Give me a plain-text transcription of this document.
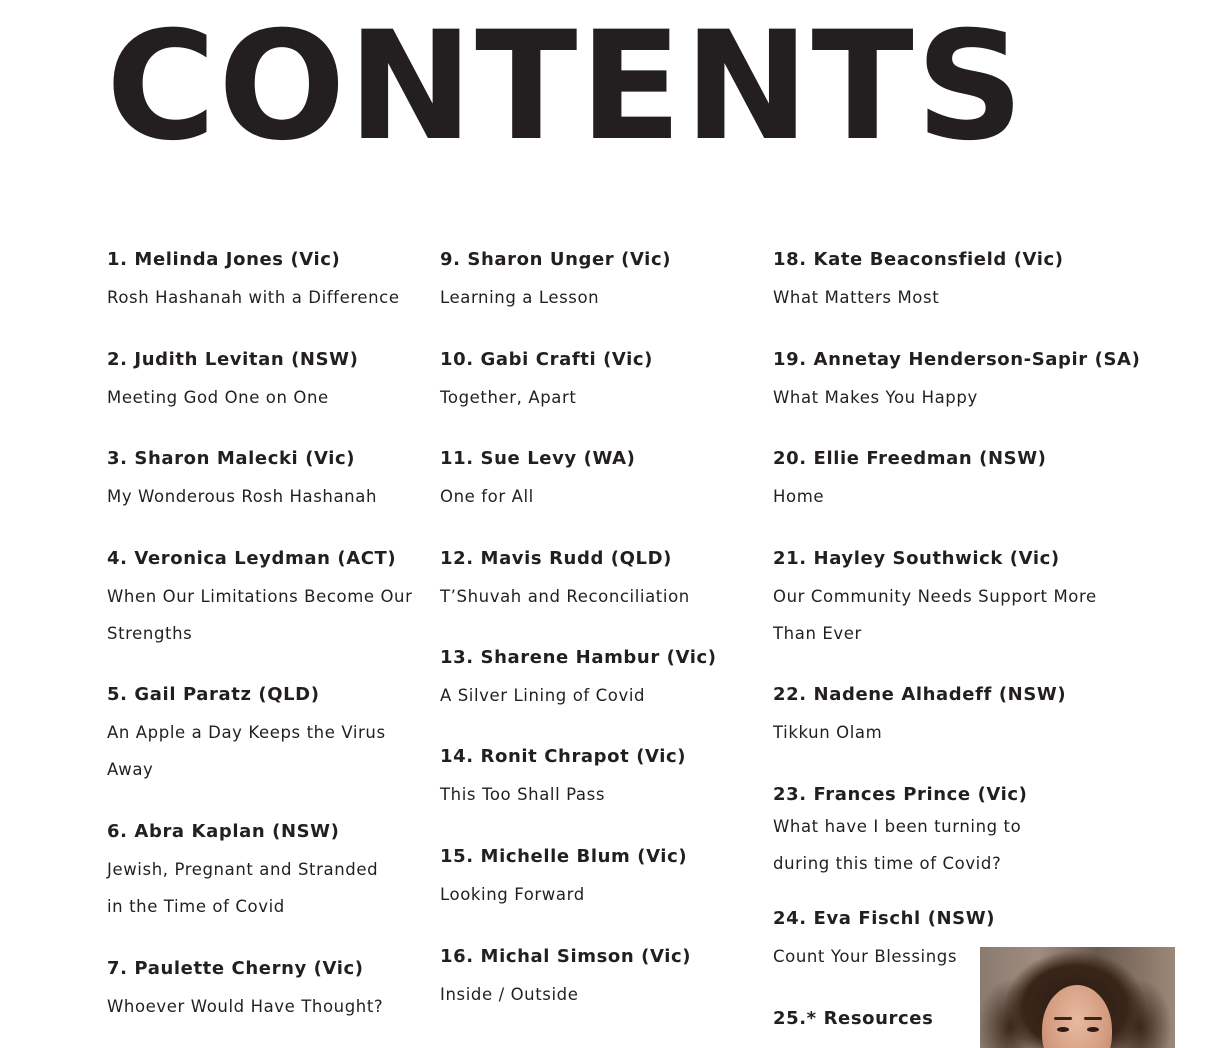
CONTENTS
1. Melinda Jones (Vic)
Rosh Hashanah with a Difference
2. Judith Levitan (NSW)
Meeting God One on One
3. Sharon Malecki (Vic)
My Wonderous Rosh Hashanah
4. Veronica Leydman (ACT)
When Our Limitations Become Our Strengths
5. Gail Paratz (QLD)
An Apple a Day Keeps the Virus Away
6. Abra Kaplan (NSW)
Jewish, Pregnant and Stranded in the Time of Covid
7. Paulette Cherny (Vic)
Whoever Would Have Thought?
9. Sharon Unger (Vic)
Learning a Lesson
10. Gabi Crafti (Vic)
Together, Apart
11. Sue Levy (WA)
One for All
12. Mavis Rudd (QLD)
T’Shuvah and Reconciliation
13. Sharene Hambur (Vic)
A Silver Lining of Covid
14. Ronit Chrapot (Vic)
This Too Shall Pass
15. Michelle Blum (Vic)
Looking Forward
16. Michal Simson (Vic)
Inside / Outside
18. Kate Beaconsfield (Vic)
What Matters Most
19. Annetay Henderson-Sapir (SA)
What Makes You Happy
20. Ellie Freedman (NSW)
Home
21. Hayley Southwick (Vic)
Our Community Needs Support More Than Ever
22. Nadene Alhadeff (NSW)
Tikkun Olam
23. Frances Prince (Vic)
What have I been turning to during this time of Covid?
24. Eva Fischl (NSW)
Count Your Blessings
25.* Resources
